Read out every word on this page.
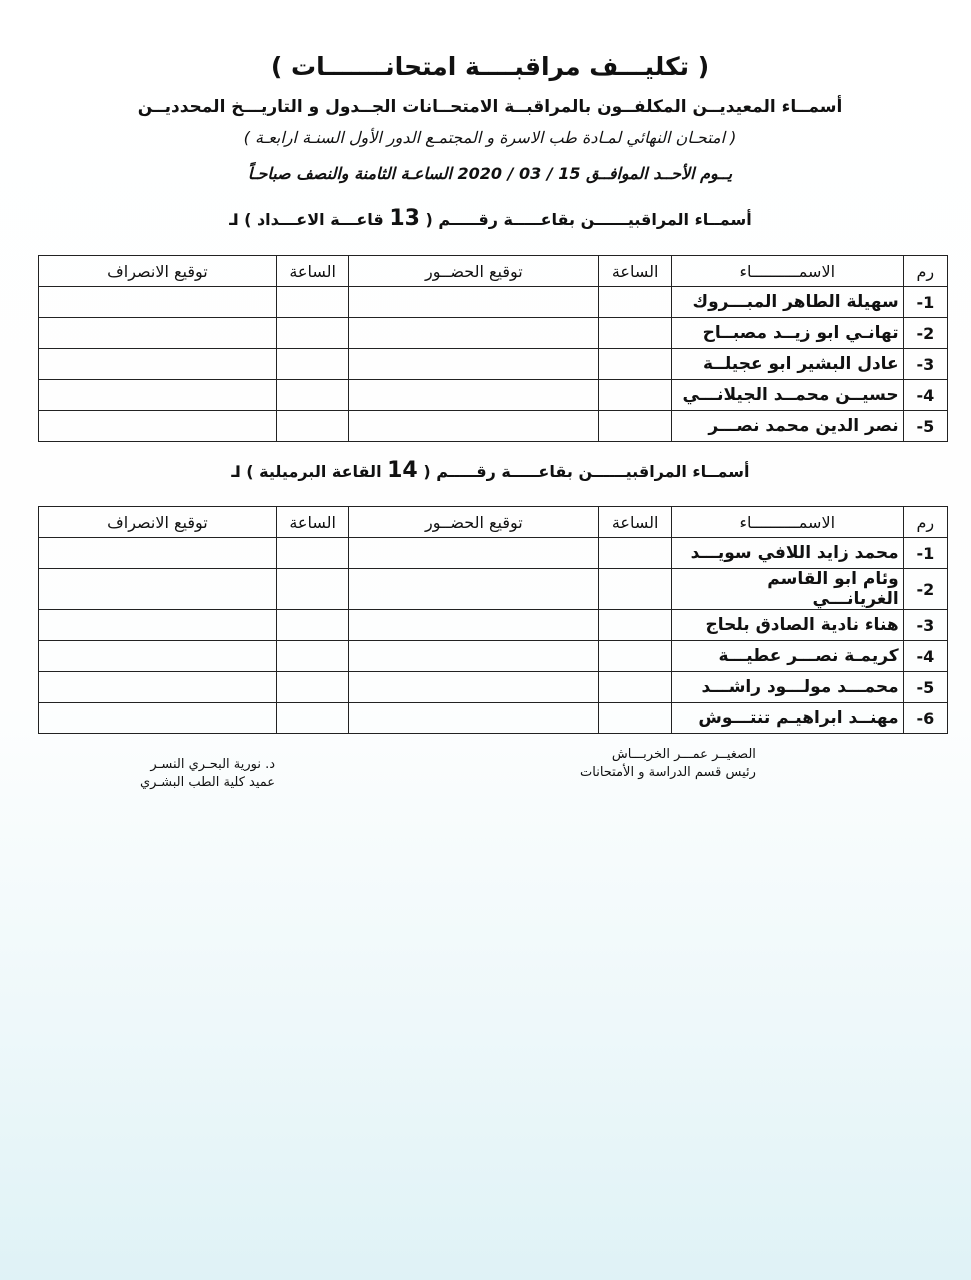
( تكليـــف مراقبــــة امتحانـــــــات )
أسمــاء المعيديــن المكلفــون بالمراقبــة الامتحــانات الجــدول و التاريـــخ المحدديــن
( امتحـان النهائي لمـادة طب الاسرة و المجتمـع الدور الأول السنـة ارابعـة )
يــوم الأحــد الموافــق 15 / 03 / 2020 الساعـة الثامنة والنصف صباحـاً
أسمــاء المراقبيــــــن بقاعـــــة رقـــــم ( 13 قاعـــة الاعـــداد ) ⅃
رم	الاسمــــــــــاء	الساعة	توقيع الحضــور	الساعة	توقيع الانصراف
1-	سهيلة الطاهر المبـــروك				
2-	تهانـي ابو زيــد مصبــاح				
3-	عادل البشير ابو عجيلــة				
4-	حسيــن محمــد الجيلانـــي				
5-	نصر الدين محمد نصـــر				
أسمــاء المراقبيــــــن بقاعـــــة رقـــــم ( 14 القاعة البرميلية ) ⅃
رم	الاسمــــــــــاء	الساعة	توقيع الحضــور	الساعة	توقيع الانصراف
1-	محمد زايد اللافي سويـــد				
2-	وئام ابو القاسم الغريانـــي				
3-	هناء نادية الصادق بلحاج				
4-	كريمـة نصـــر عطيـــة				
5-	محمـــد مولـــود راشـــد				
6-	مهنــد ابراهيـم تنتـــوش				
الصغيــر عمـــر الخربـــاش
رئيس قسم الدراسة و الأمتحانات
د. نورية البحـري النسـر
عميد كلية الطب البشـري
